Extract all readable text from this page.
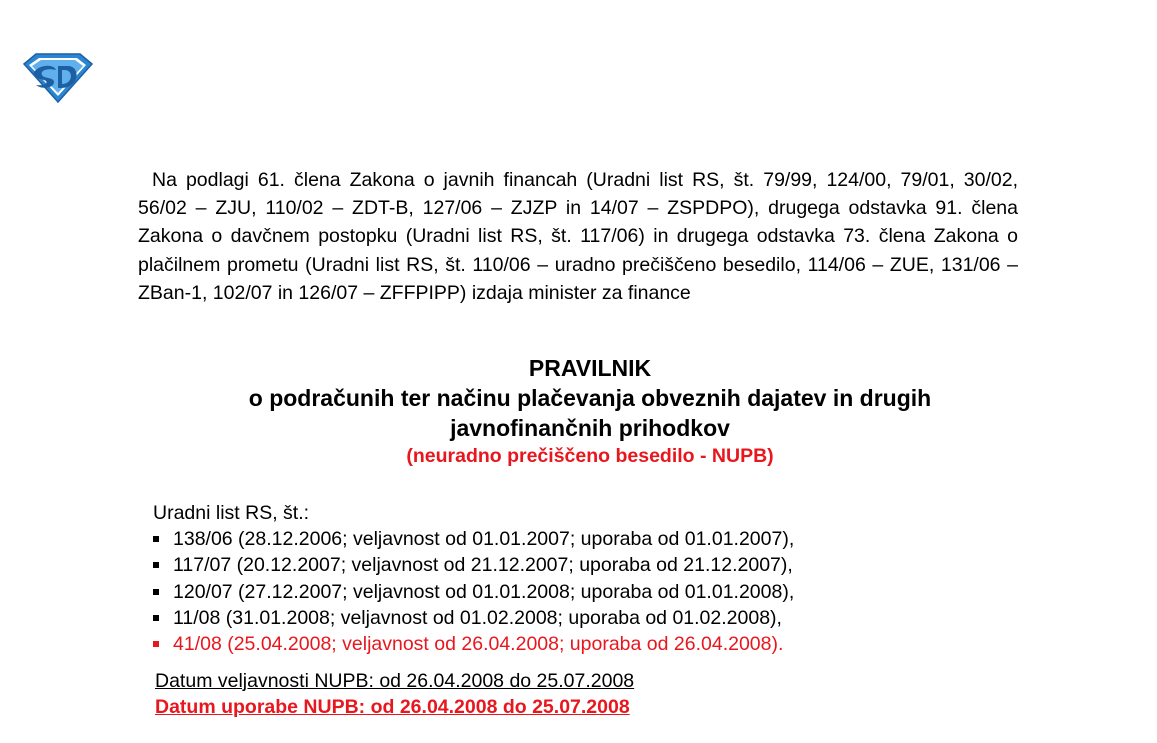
Na podlagi 61. člena Zakona o javnih financah (Uradni list RS, št. 79/99, 124/00, 79/01, 30/02, 56/02 – ZJU, 110/02 – ZDT-B, 127/06 – ZJZP in 14/07 – ZSPDPO), drugega odstavka 91. člena Zakona o davčnem postopku (Uradni list RS, št. 117/06) in drugega odstavka 73. člena Zakona o plačilnem prometu (Uradni list RS, št. 110/06 – uradno prečiščeno besedilo, 114/06 – ZUE, 131/06 – ZBan-1, 102/07 in 126/07 – ZFFPIPP) izdaja minister za finance

PRAVILNIK

o podračunih ter načinu plačevanja obveznih dajatev in drugih javnofinančnih prihodkov

(neuradno prečiščeno besedilo - NUPB)

Uradni list RS, št.:

138/06 (28.12.2006; veljavnost od 01.01.2007; uporaba od 01.01.2007),
117/07 (20.12.2007; veljavnost od 21.12.2007; uporaba od 21.12.2007),
120/07 (27.12.2007; veljavnost od 01.01.2008; uporaba od 01.01.2008),
11/08 (31.01.2008; veljavnost od 01.02.2008; uporaba od 01.02.2008),
41/08 (25.04.2008; veljavnost od 26.04.2008; uporaba od 26.04.2008).
Datum veljavnosti NUPB: od 26.04.2008 do 25.07.2008
Datum uporabe NUPB: od 26.04.2008 do 25.07.2008
